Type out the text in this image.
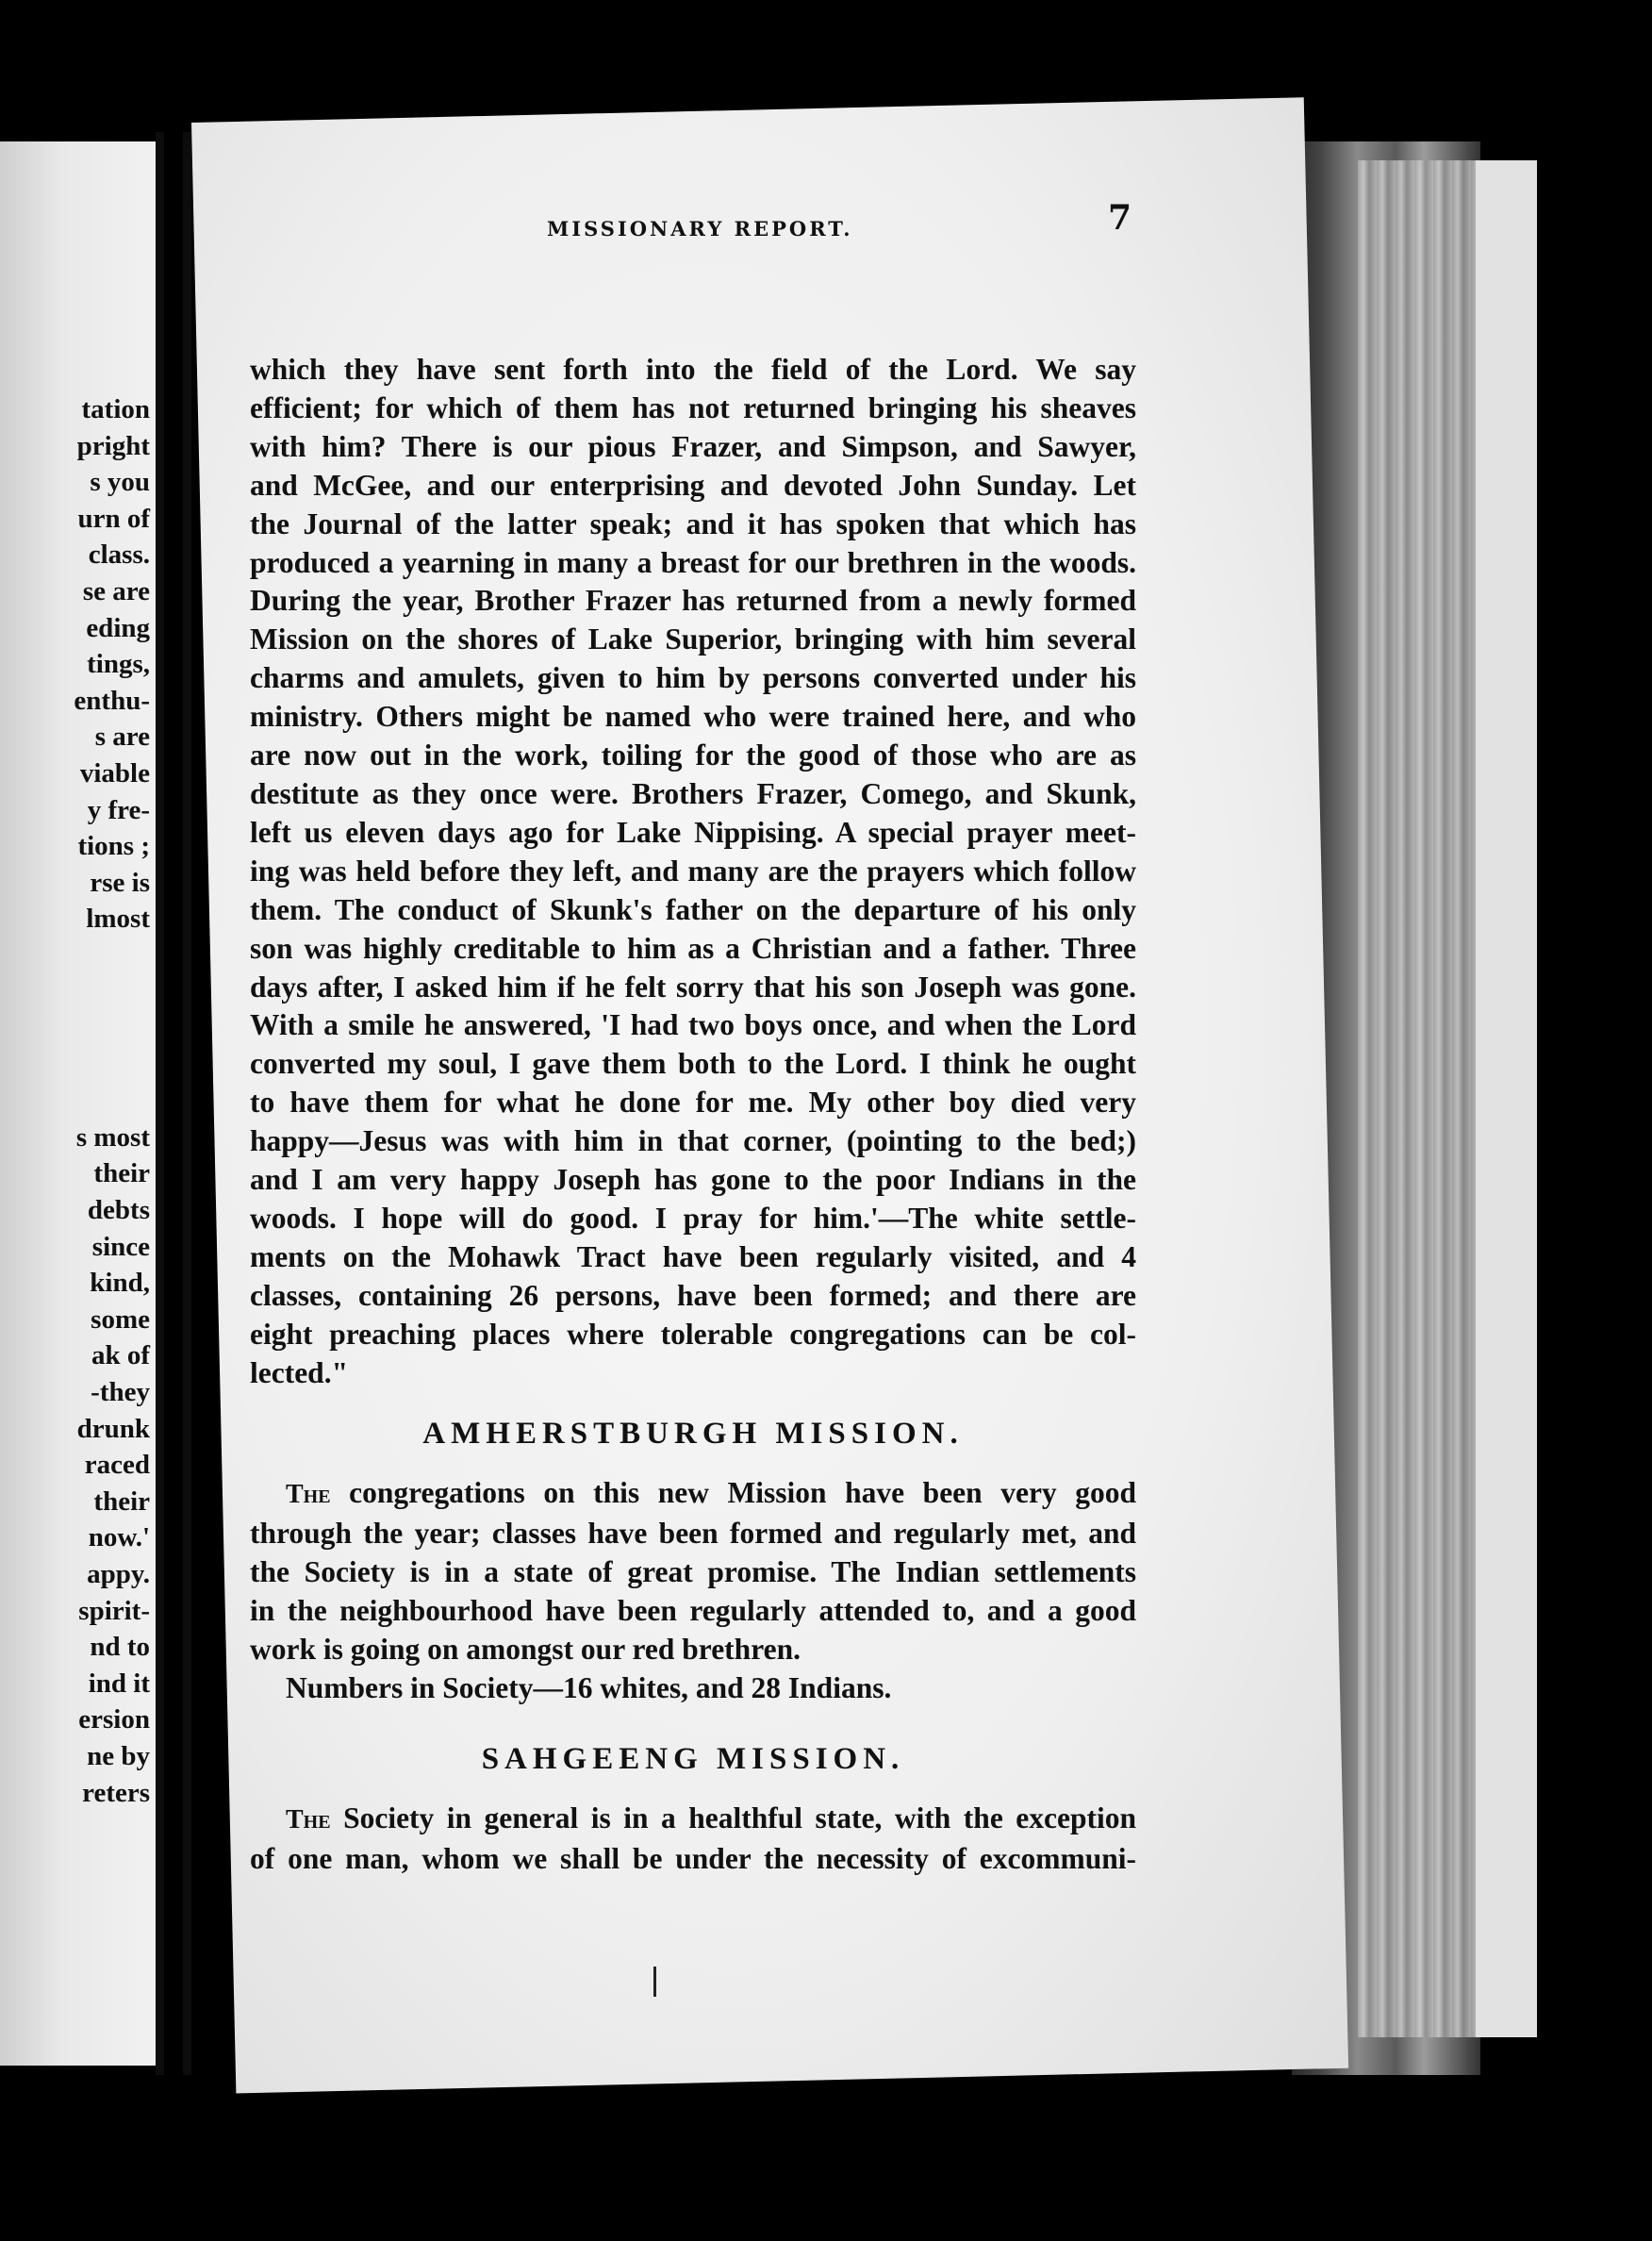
tation
pright
s you
urn of
class.
se are
eding
tings,
enthu-
s are
viable
y fre-
tions ;
rse is
lmost

s most
their
debts
since
kind,
some
ak of
-they
drunk
raced
their
now.'
appy.
spirit-
nd to
ind it
ersion
ne by
reters
MISSIONARY REPORT.	7
which they have sent forth into the field of the Lord. We say
efficient; for which of them has not returned bringing his sheaves
with him? There is our pious Frazer, and Simpson, and Sawyer,
and McGee, and our enterprising and devoted John Sunday. Let
the Journal of the latter speak; and it has spoken that which has
produced a yearning in many a breast for our brethren in the woods.
During the year, Brother Frazer has returned from a newly formed
Mission on the shores of Lake Superior, bringing with him several
charms and amulets, given to him by persons converted under his
ministry. Others might be named who were trained here, and who
are now out in the work, toiling for the good of those who are as
destitute as they once were. Brothers Frazer, Comego, and Skunk,
left us eleven days ago for Lake Nippising. A special prayer meet-
ing was held before they left, and many are the prayers which follow
them. The conduct of Skunk's father on the departure of his only
son was highly creditable to him as a Christian and a father. Three
days after, I asked him if he felt sorry that his son Joseph was gone.
With a smile he answered, 'I had two boys once, and when the Lord
converted my soul, I gave them both to the Lord. I think he ought
to have them for what he done for me. My other boy died very
happy—Jesus was with him in that corner, (pointing to the bed;)
and I am very happy Joseph has gone to the poor Indians in the
woods. I hope will do good. I pray for him.'—The white settle-
ments on the Mohawk Tract have been regularly visited, and 4
classes, containing 26 persons, have been formed; and there are
eight preaching places where tolerable congregations can be col-
lected."
AMHERSTBURGH MISSION.
The congregations on this new Mission have been very good
through the year; classes have been formed and regularly met, and
the Society is in a state of great promise. The Indian settlements
in the neighbourhood have been regularly attended to, and a good
work is going on amongst our red brethren.
Numbers in Society—16 whites, and 28 Indians.
SAHGEENG MISSION.
The Society in general is in a healthful state, with the exception
of one man, whom we shall be under the necessity of excommuni-
